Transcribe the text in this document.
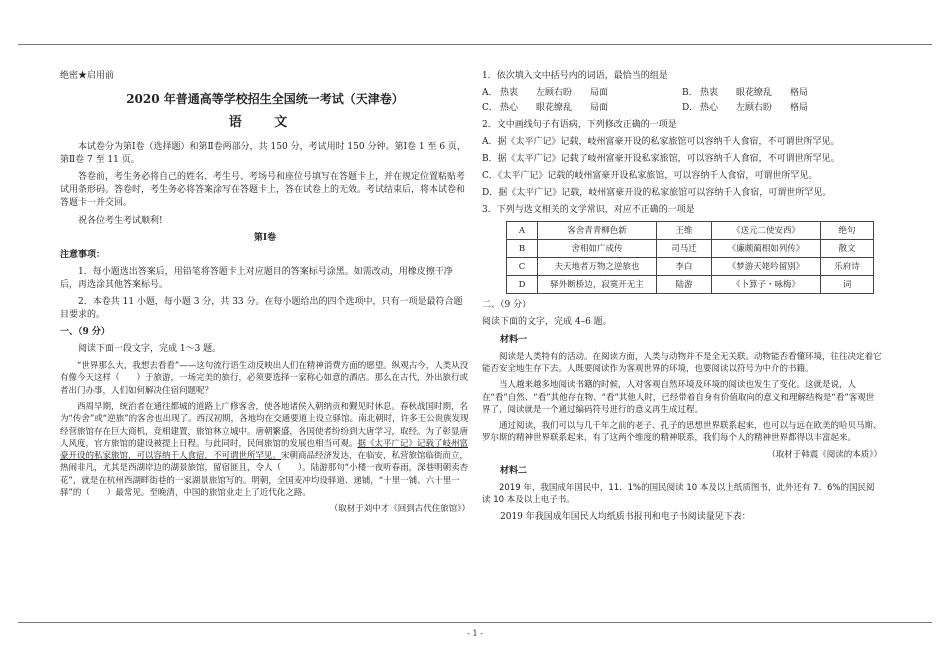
绝密★启用前

2020 年普通高等学校招生全国统一考试（天津卷）
语 文

本试卷分为第Ⅰ卷（选择题）和第Ⅱ卷两部分，共 150 分，考试用时 150 分钟。第Ⅰ卷 1 至 6 页，第Ⅱ卷 7 至 11 页。

答卷前，考生务必将自己的姓名、考生号、考场号和座位号填写在答题卡上，并在规定位置粘贴考试用条形码。答卷时，考生务必将答案涂写在答题卡上，答在试卷上的无效。考试结束后，将本试卷和答题卡一并交回。

祝各位考生考试顺利!

第Ⅰ卷

注意事项：

1．每小题选出答案后，用铅笔将答题卡上对应题目的答案标号涂黑。如需改动，用橡皮擦干净后，再选涂其他答案标号。

2．本卷共 11 小题，每小题 3 分，共 33 分。在每小题给出的四个选项中，只有一项是最符合题目要求的。

一、（9 分）

阅读下面一段文字，完成 1～3 题。

“世界那么大，我想去看看”——这句流行语生动反映出人们在精神消费方面的愿望。纵观古今，人类从没有像今天这样（　　）于旅游，一场完美的旅行，必须要选择一家称心如意的酒店。那么在古代，外出旅行或者出门办事，人们如何解决住宿问题呢？

西周早期，统治者在通往都城的道路上广修客舍，使各地诸侯入朝纳贡和觐见时休息。春秋战国时期，名为“传舍”或“逆旅”的客舍也出现了。西汉初期，各地均在交通要道上设立驿馆。南北朝时，许多王公贵族发现经营旅馆存在巨大商机，竞相建置，旅馆林立城中。唐朝繁盛，各国使者纷纷到大唐学习，取经。为了彰显唐人风度，官方旅馆的建设被提上日程。与此同时，民间旅馆的发展也相当可观。据《太平广记》记载了岐州富豪开设的私家旅馆，可以容纳千人食宿，不可谓世所罕见。宋朝商品经济发达，在临安，私营旅馆临街而立，热闹非凡，尤其是西湖岸边的湖景旅馆，留宿匪且，令人（　　）。陆游那句“小楼一夜听春雨，深巷明朝卖杏花”，就是在杭州西湖畔街巷的一家湖景旅馆写的。明朝，全国麦冲均设驿道、递铺，“十里一铺、六十里一驿”的（　　）最常见。至晚清，中国的旅馆业走上了近代化之路。

（取材于刘中才《回到古代住旅馆》）

1．依次填入文中括号内的词语，最恰当的组是

A． 热衷　　左顾右盼　　局面	B． 热衷　　眼花缭乱　　格局
C． 热心　　眼花缭乱　　局面	D． 热心　　左顾右盼　　格局

2．文中画线句子有语病，下列修改正确的一项是

A．据《太平广记》记载，岐州富豪开设的私家旅馆可以容纳千人食宿，不可谓世所罕见。

B．据《太平广记》记载了岐州富豪开设私家旅馆，可以容纳千人食宿，不可谓世所罕见。

C．《太平广记》记载的岐州富豪开设私家旅馆，可以容纳千人食宿，可谓世所罕见。

D．据《太平广记》记载，岐州富豪开设的私家旅馆可以容纳千人食宿，可谓世所罕见。

3．下列与选文相关的文学常识，对应不正确的一项是

A	客舍青青柳色新	王维	《送元二使安西》	绝句
B	舍相如广成传	司马迁	《廉颇蔺相如列传》	散文
C	夫天地者万物之逆旅也	李白	《梦游天姥吟留别》	乐府诗
D	驿外断桥边，寂寞开无主	陆游	《卜算子・咏梅》	词

二、（9 分）

阅读下面的文字，完成 4–6 题。

材料一

阅读是人类特有的活动。在阅读方面，人类与动物并不是全无关联。动物能否看懂环境，往往决定着它能否安全地生存下去。人既要阅读作为客观世界的环境，也要阅读以符号为中介的书籍。

当人越来越多地阅读书籍的时候，人对客观自然环境及环境的阅读也发生了变化。这就是说，人在“看”自然、“看”其他存在物、“看”其他人时，已经带着自身有价值取向的意义和理解结构是“看”客观世界了，阅读就是一个通过编码符号进行的意义再生成过程。

通过阅读，我们可以与几千年之前的老子、孔子的思想世界联系起来，也可以与远在欧美的哈贝马斯、罗尔斯的精神世界联系起来，有了这两个维度的精神联系，我们每个人的精神世界都得以丰富起来。

（取材于韩震《阅读的本质》）

材料二

2019 年，我国成年国民中，11．1%的国民阅读 10 本及以上纸质图书，此外还有 7．6%的国民阅读 10 本及以上电子书。

2019 年我国成年国民人均纸质书报刊和电子书阅读量见下表：

- 1 -
